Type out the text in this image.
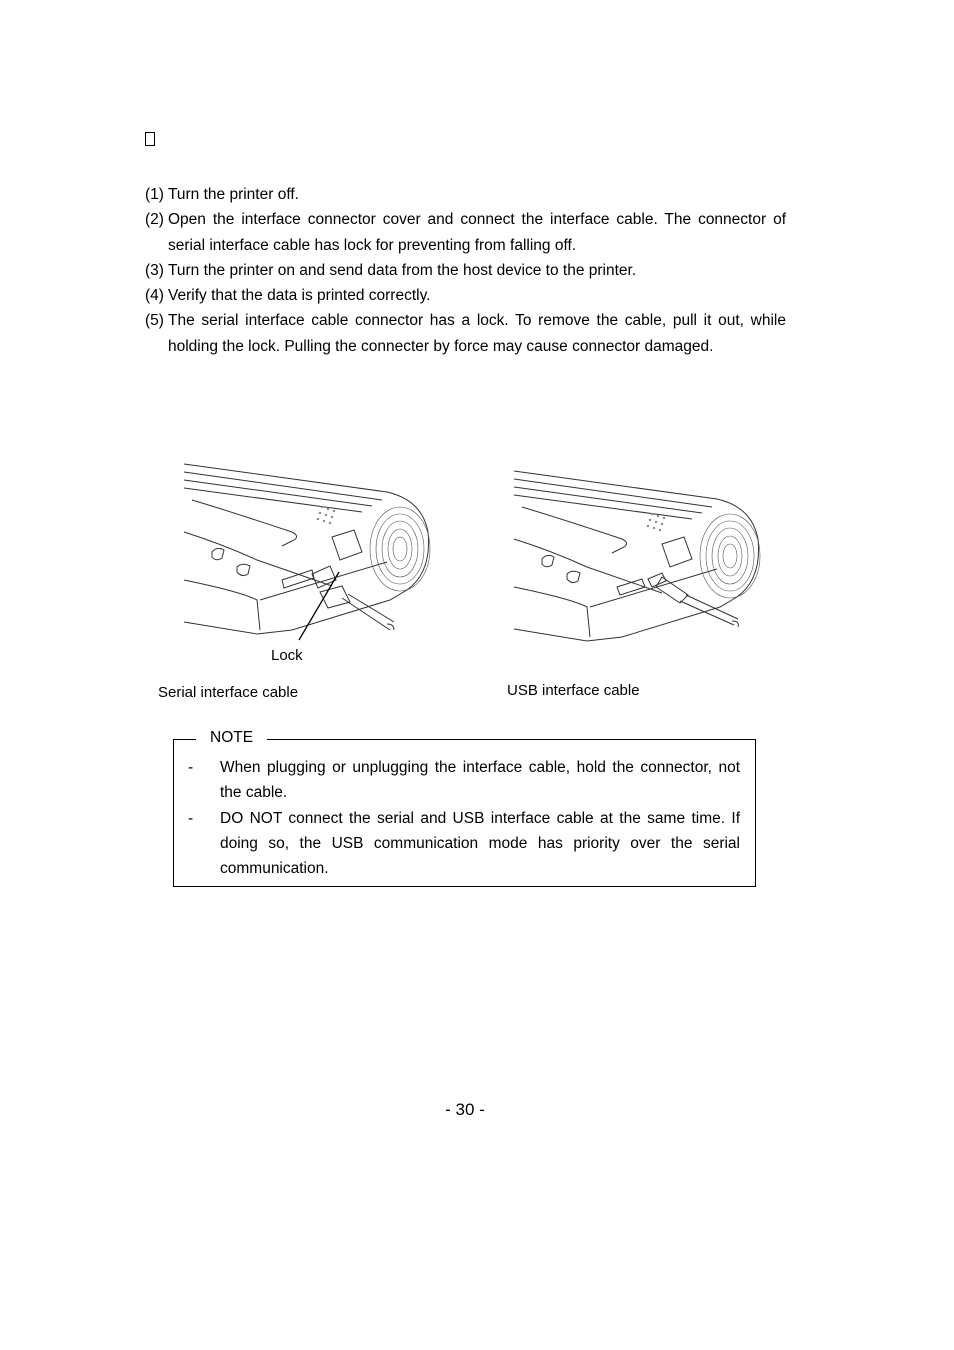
(1) Turn the printer off.
(2) Open the interface connector cover and connect the interface cable. The connector of serial interface cable has lock for preventing from falling off.
(3) Turn the printer on and send data from the host device to the printer.
(4) Verify that the data is printed correctly.
(5) The serial interface cable connector has a lock. To remove the cable, pull it out, while holding the lock. Pulling the connecter by force may cause connector damaged.
Lock
Serial interface cable	USB interface cable
NOTE
-	When plugging or unplugging the interface cable, hold the connector, not the cable.
-	DO NOT connect the serial and USB interface cable at the same time. If doing so, the USB communication mode has priority over the serial communication.
- 30 -
